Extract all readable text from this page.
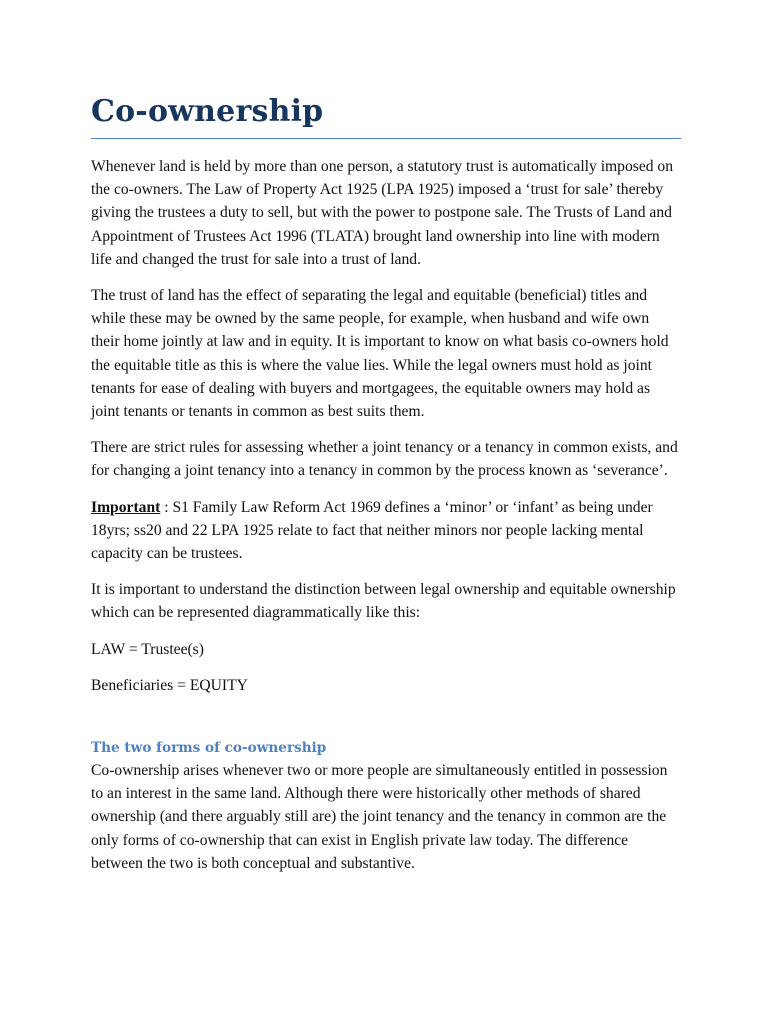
Co-ownership

Whenever land is held by more than one person, a statutory trust is automatically imposed on the co-owners. The Law of Property Act 1925 (LPA 1925) imposed a ‘trust for sale’ thereby giving the trustees a duty to sell, but with the power to postpone sale. The Trusts of Land and Appointment of Trustees Act 1996 (TLATA) brought land ownership into line with modern life and changed the trust for sale into a trust of land.

The trust of land has the effect of separating the legal and equitable (beneficial) titles and while these may be owned by the same people, for example, when husband and wife own their home jointly at law and in equity. It is important to know on what basis co-owners hold the equitable title as this is where the value lies. While the legal owners must hold as joint tenants for ease of dealing with buyers and mortgagees, the equitable owners may hold as joint tenants or tenants in common as best suits them.

There are strict rules for assessing whether a joint tenancy or a tenancy in common exists, and for changing a joint tenancy into a tenancy in common by the process known as ‘severance’.

Important : S1 Family Law Reform Act 1969 defines a ‘minor’ or ‘infant’ as being under 18yrs; ss20 and 22 LPA 1925 relate to fact that neither minors nor people lacking mental capacity can be trustees.

It is important to understand the distinction between legal ownership and equitable ownership which can be represented diagrammatically like this:

LAW = Trustee(s)

Beneficiaries = EQUITY

The two forms of co-ownership

Co-ownership arises whenever two or more people are simultaneously entitled in possession to an interest in the same land. Although there were historically other methods of shared ownership (and there arguably still are) the joint tenancy and the tenancy in common are the only forms of co-ownership that can exist in English private law today. The difference between the two is both conceptual and substantive.
